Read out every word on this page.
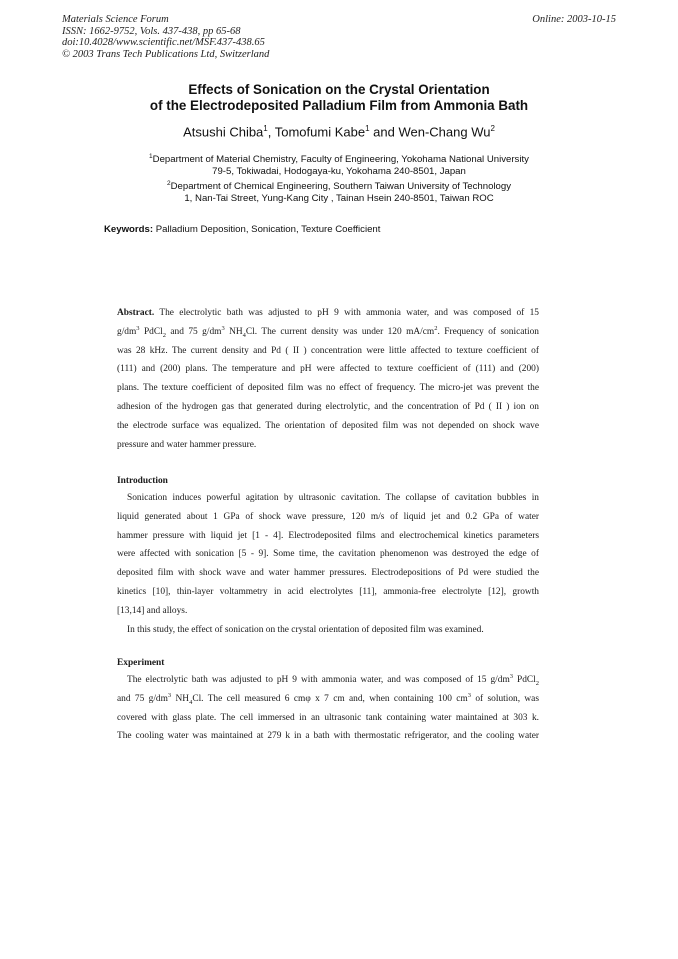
Materials Science Forum
ISSN: 1662-9752, Vols. 437-438, pp 65-68
doi:10.4028/www.scientific.net/MSF.437-438.65
© 2003 Trans Tech Publications Ltd, Switzerland
Online: 2003-10-15
Effects of Sonication on the Crystal Orientation
of the Electrodeposited Palladium Film from Ammonia Bath
Atsushi Chiba$^1$, Tomofumi Kabe$^1$ and Wen-Chang Wu$^2$
$^1$Department of Material Chemistry, Faculty of Engineering, Yokohama National University
79-5, Tokiwadai, Hodogaya-ku, Yokohama 240-8501, Japan
$^2$Department of Chemical Engineering, Southern Taiwan University of Technology
1, Nan-Tai Street, Yung-Kang City , Tainan Hsein 240-8501, Taiwan ROC
Keywords: Palladium Deposition, Sonication, Texture Coefficient
Abstract. The electrolytic bath was adjusted to pH 9 with ammonia water, and was composed of 15
$g/dm^3$ PdCl$_2$ and 75 $g/dm^3$ $NH_4Cl$. The current density was under 120 $mA/cm^2$. Frequency of sonication
was 28 kHz. The current density and Pd ( II ) concentration were little affected to texture coefficient of
(111) and (200) plans. The temperature and pH were affected to texture coefficient of (111) and (200)
plans. The texture coefficient of deposited film was no effect of frequency. The micro-jet was prevent the
adhesion of the hydrogen gas that generated during electrolytic, and the concentration of Pd ( II ) ion on
the electrode surface was equalized. The orientation of deposited film was not depended on shock wave
pressure and water hammer pressure.
Introduction
Sonication induces powerful agitation by ultrasonic cavitation. The collapse of cavitation bubbles in
liquid generated about 1 GPa of shock wave pressure, 120 m/s of liquid jet and 0.2 GPa of water
hammer pressure with liquid jet [1 - 4]. Electrodeposited films and electrochemical kinetics parameters
were affected with sonication [5 - 9]. Some time, the cavitation phenomenon was destroyed the edge of
deposited film with shock wave and water hammer pressures. Electrodepositions of Pd were studied the
kinetics [10], thin-layer voltammetry in acid electrolytes [11], ammonia-free electrolyte [12], growth
[13,14] and alloys.
In this study, the effect of sonication on the crystal orientation of deposited film was examined.
Experiment
The electrolytic bath was adjusted to pH 9 with ammonia water, and was composed of 15 $g/dm^3$ PdCl$_2$
and 75 $g/dm^3$ $NH_4Cl$. The cell measured 6 cmφ x 7 cm and, when containing 100 $cm^3$ of solution, was
covered with glass plate. The cell immersed in an ultrasonic tank containing water maintained at 303 k.
The cooling water was maintained at 279 k in a bath with thermostatic refrigerator, and the cooling water
